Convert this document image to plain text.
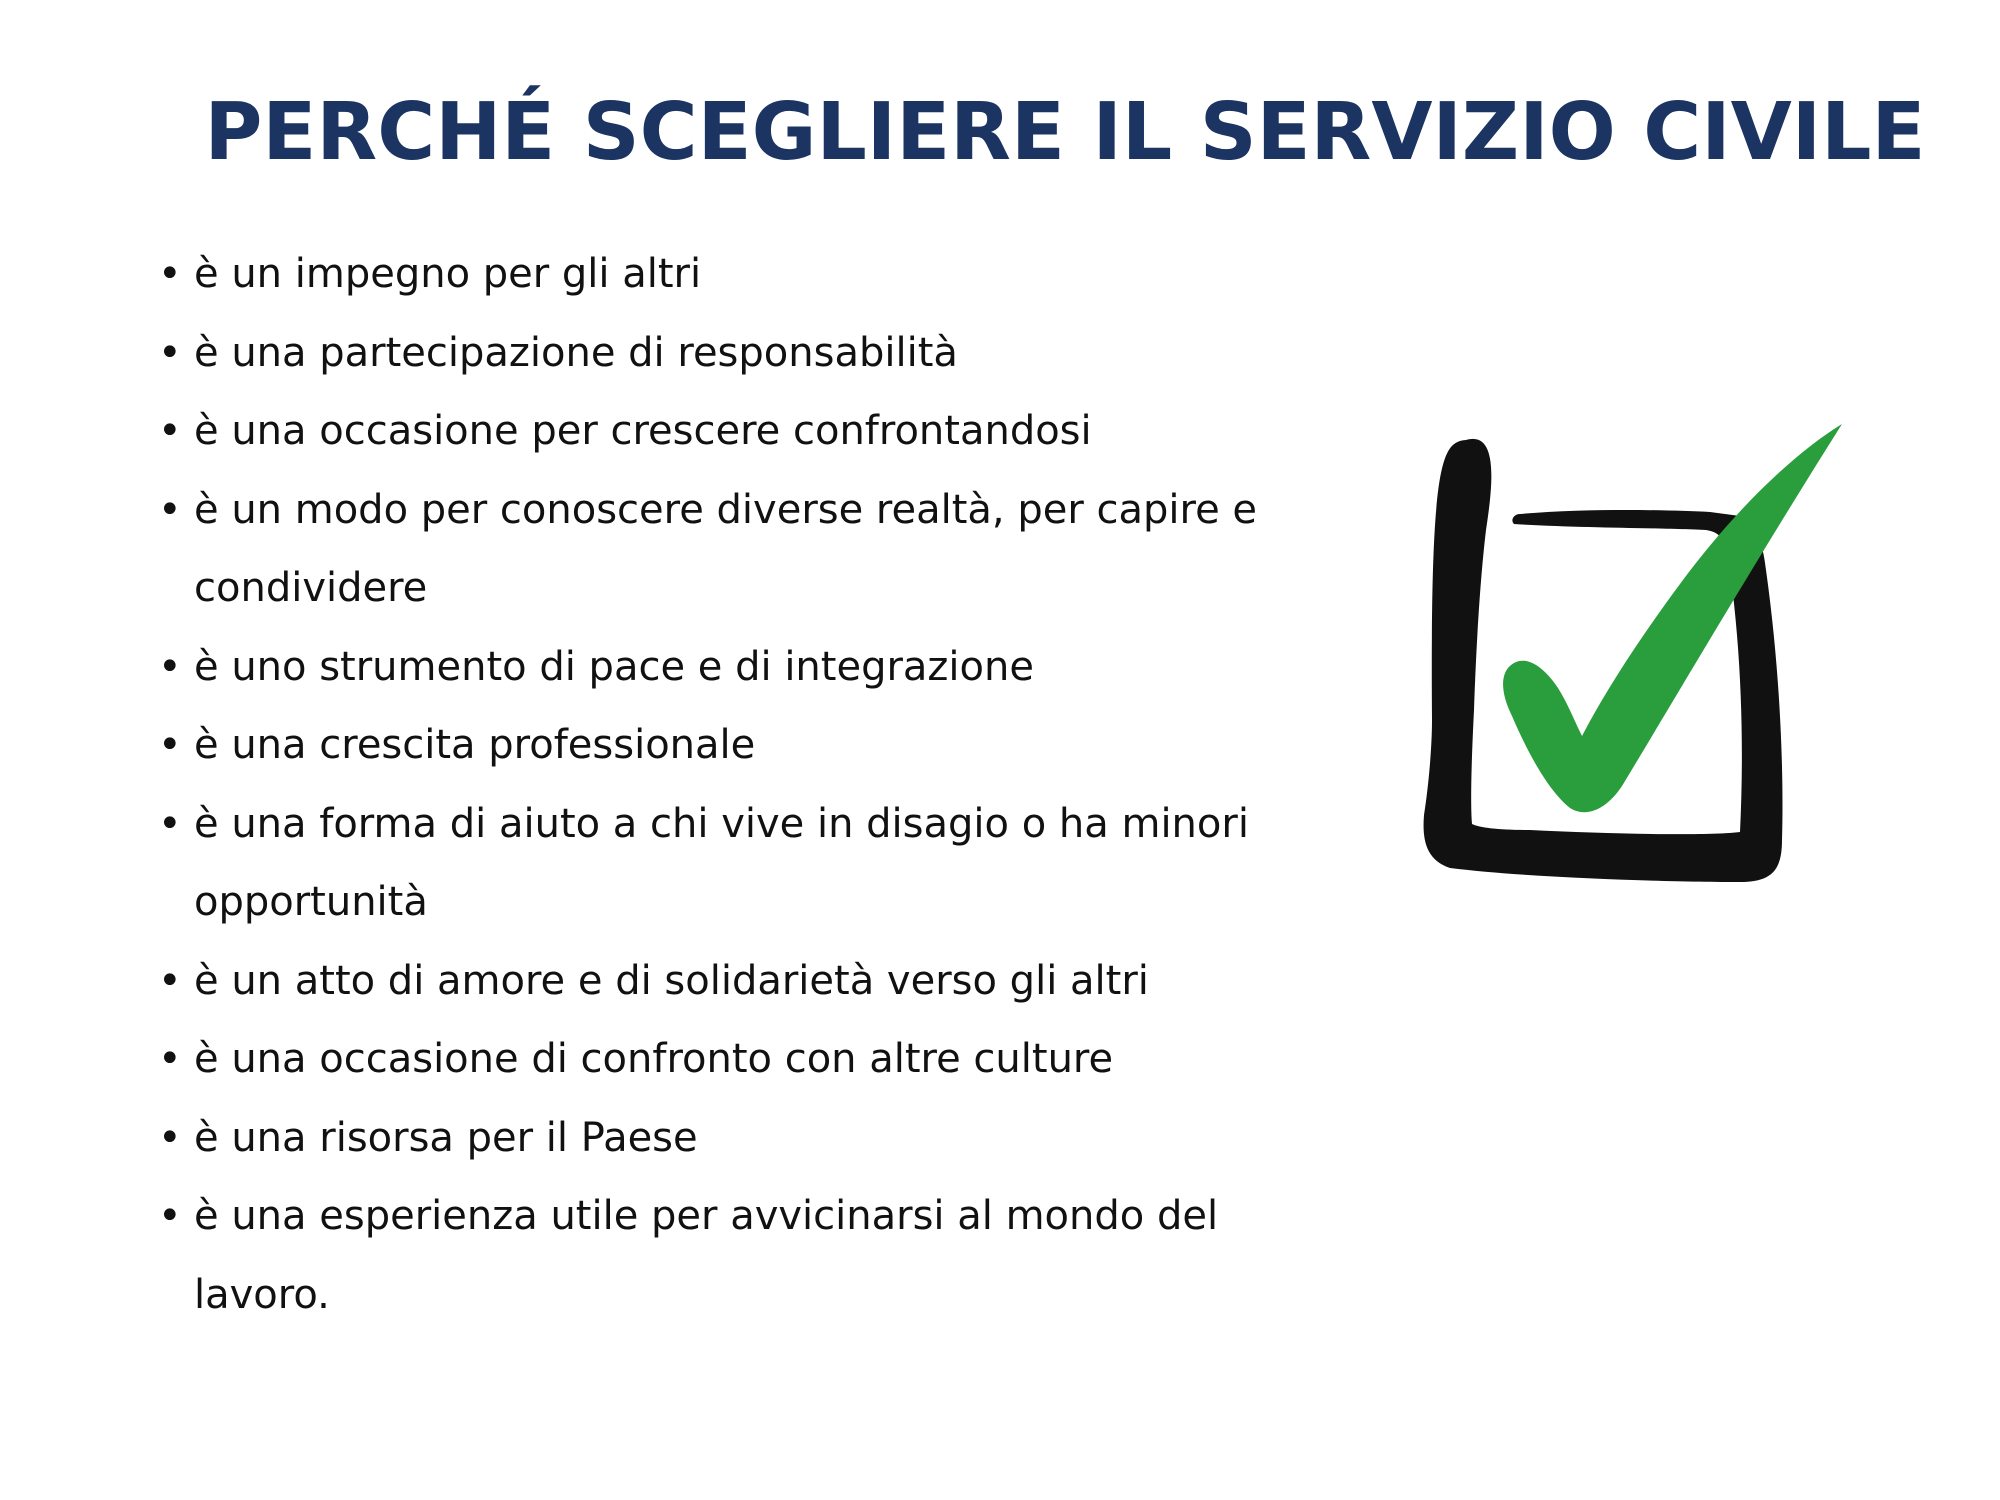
PERCHÉ SCEGLIERE IL SERVIZIO CIVILE
• è un impegno per gli altri
• è una partecipazione di responsabilità
• è una occasione per crescere confrontandosi
• è un modo per conoscere diverse realtà, per capire e condividere
• è uno strumento di pace e di integrazione
• è una crescita professionale
• è una forma di aiuto a chi vive in disagio o ha minori opportunità
• è un atto di amore e di solidarietà verso gli altri
• è una occasione di confronto con altre culture
• è una risorsa per il Paese
• è una esperienza utile per avvicinarsi al mondo del lavoro.
